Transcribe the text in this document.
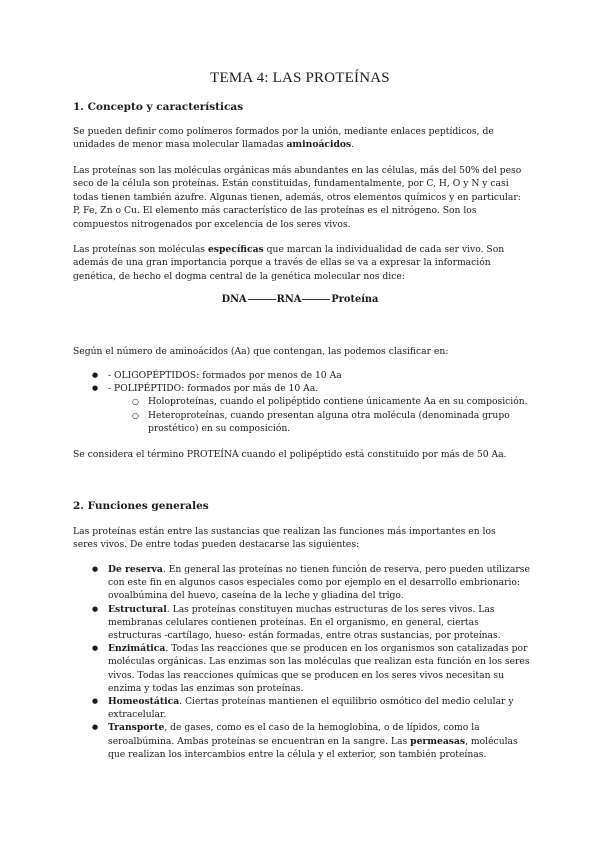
TEMA 4: LAS PROTEÍNAS
1. Concepto y características
Se pueden definir como polímeros formados por la unión, mediante enlaces peptídicos, de unidades de menor masa molecular llamadas aminoácidos.
Las proteínas son las moléculas orgánicas más abundantes en las células, más del 50% del peso seco de la célula son proteínas. Están constituidas, fundamentalmente, por C, H, O y N y casi todas tienen también azufre. Algunas tienen, además, otros elementos químicos y en particular: P, Fe, Zn o Cu. El elemento más característico de las proteínas es el nitrógeno. Son los compuestos nitrogenados por excelencia de los seres vivos.
Las proteínas son moléculas específicas que marcan la individualidad de cada ser vivo. Son además de una gran importancia porque a través de ellas se va a expresar la información genética, de hecho el dogma central de la genética molecular nos dice:
DNA	RNA	Proteína
Según el número de aminoácidos (Aa) que contengan, las podemos clasificar en:
● - OLIGOPÉPTIDOS: formados por menos de 10 Aa
● - POLIPÉPTIDO: formados por más de 10 Aa.
○ Holoproteínas, cuando el polipéptido contiene únicamente Aa en su composición.
○ Heteroproteínas, cuando presentan alguna otra molécula (denominada grupo prostético) en su composición.
Se considera el término PROTEÍNA cuando el polipéptido está constituido por más de 50 Aa.
2. Funciones generales
Las proteínas están entre las sustancias que realizan las funciones más importantes en los seres vivos. De entre todas pueden destacarse las siguientes:
● De reserva. En general las proteínas no tienen función de reserva, pero pueden utilizarse con este fin en algunos casos especiales como por ejemplo en el desarrollo embrionario: ovoalbúmina del huevo, caseína de la leche y gliadina del trigo.
● Estructural. Las proteínas constituyen muchas estructuras de los seres vivos. Las membranas celulares contienen proteínas. En el organismo, en general, ciertas estructuras -cartílago, hueso- están formadas, entre otras sustancias, por proteínas.
● Enzimática. Todas las reacciones que se producen en los organismos son catalizadas por moléculas orgánicas. Las enzimas son las moléculas que realizan esta función en los seres vivos. Todas las reacciones químicas que se producen en los seres vivos necesitan su enzima y todas las enzimas son proteínas.
● Homeostática. Ciertas proteínas mantienen el equilibrio osmótico del medio celular y extracelular.
● Transporte, de gases, como es el caso de la hemoglobina, o de lípidos, como la seroalbúmina. Ambas proteínas se encuentran en la sangre. Las permeasas, moléculas que realizan los intercambios entre la célula y el exterior, son también proteínas.
